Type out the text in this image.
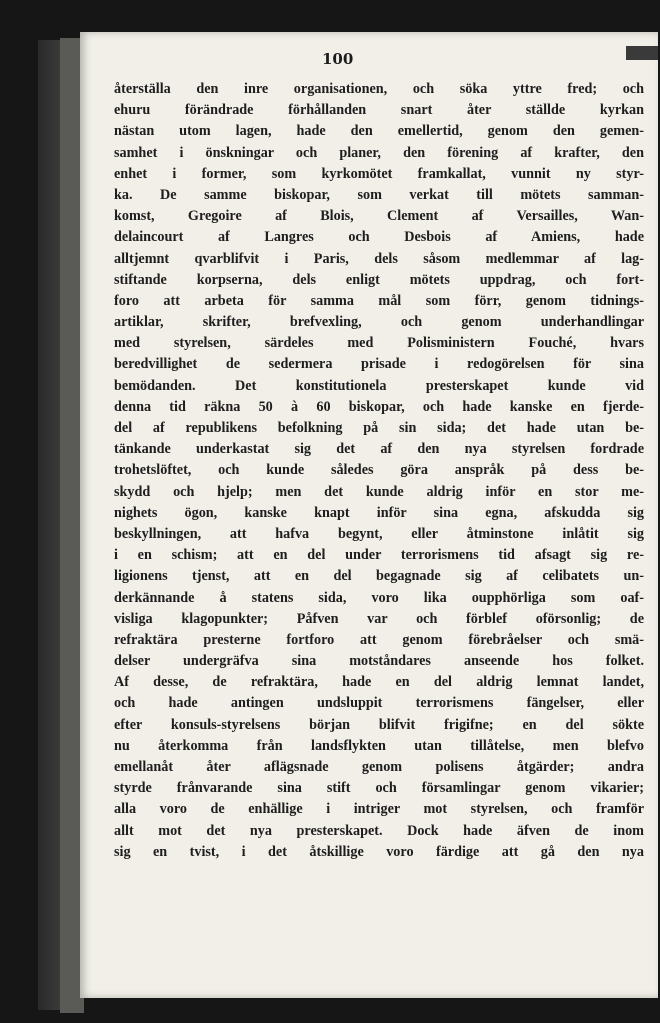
100

återställa den inre organisationen, och söka yttre fred; och
ehuru förändrade förhållanden snart åter ställde kyrkan
nästan utom lagen, hade den emellertid, genom den gemen-
samhet i önskningar och planer, den förening af krafter, den
enhet i former, som kyrkomötet framkallat, vunnit ny styr-
ka. De samme biskopar, som verkat till mötets samman-
komst, Gregoire af Blois, Clement af Versailles, Wan-
delaincourt af Langres och Desbois af Amiens, hade
alltjemnt qvarblifvit i Paris, dels såsom medlemmar af lag-
stiftande korpserna, dels enligt mötets uppdrag, och fort-
foro att arbeta för samma mål som förr, genom tidnings-
artiklar, skrifter, brefvexling, och genom underhandlingar
med styrelsen, särdeles med Polisministern Fouché, hvars
beredvillighet de sedermera prisade i redogörelsen för sina
bemödanden. Det konstitutionela presterskapet kunde vid
denna tid räkna 50 à 60 biskopar, och hade kanske en fjerde-
del af republikens befolkning på sin sida; det hade utan be-
tänkande underkastat sig det af den nya styrelsen fordrade
trohetslöftet, och kunde således göra anspråk på dess be-
skydd och hjelp; men det kunde aldrig inför en stor me-
nighets ögon, kanske knapt inför sina egna, afskudda sig
beskyllningen, att hafva begynt, eller åtminstone inlåtit sig
i en schism; att en del under terrorismens tid afsagt sig re-
ligionens tjenst, att en del begagnade sig af celibatets un-
derkännande å statens sida, voro lika oupphörliga som oaf-
visliga klagopunkter; Påfven var och förblef oförsonlig; de
refraktära presterne fortforo att genom förebråelser och smä-
delser undergräfva sina motståndares anseende hos folket.
Af desse, de refraktära, hade en del aldrig lemnat landet,
och hade antingen undsluppit terrorismens fängelser, eller
efter konsuls-styrelsens början blifvit frigifne; en del sökte
nu återkomma från landsflykten utan tillåtelse, men blefvo
emellanåt åter aflägsnade genom polisens åtgärder; andra
styrde frånvarande sina stift och församlingar genom vikarier;
alla voro de enhällige i intriger mot styrelsen, och framför
allt mot det nya presterskapet. Dock hade äfven de inom
sig en tvist, i det åtskillige voro färdige att gå den nya
